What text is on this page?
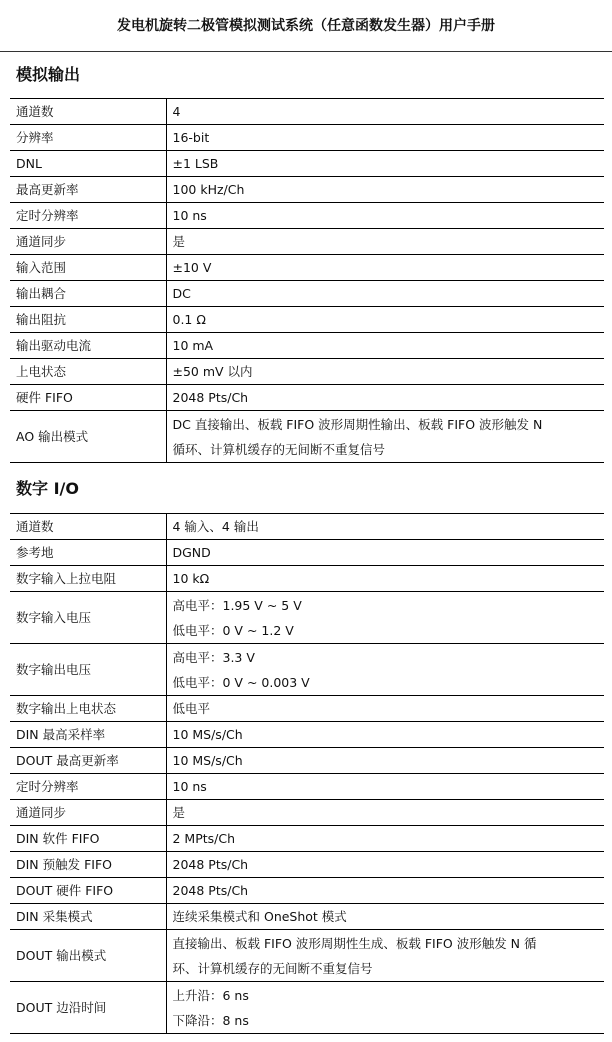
发电机旋转二极管模拟测试系统（任意函数发生器）用户手册
模拟输出
通道数	4

分辨率	16-bit

DNL	±1 LSB

最高更新率	100 kHz/Ch

定时分辨率	10 ns

通道同步	是

输入范围	±10 V

输出耦合	DC

输出阻抗	0.1 Ω

输出驱动电流	10 mA

上电状态	±50 mV 以内

硬件 FIFO	2048 Pts/Ch

AO 输出模式	DC 直接输出、板载 FIFO 波形周期性输出、板载 FIFO 波形触发 N
循环、计算机缓存的无间断不重复信号
数字 I/O
通道数	4 输入、4 输出

参考地	DGND

数字输入上拉电阻	10 kΩ

数字输入电压	高电平：1.95 V ~ 5 V
低电平：0 V ~ 1.2 V

数字输出电压	高电平：3.3 V
低电平：0 V ~ 0.003 V

数字输出上电状态	低电平

DIN 最高采样率	10 MS/s/Ch

DOUT 最高更新率	10 MS/s/Ch

定时分辨率	10 ns

通道同步	是

DIN 软件 FIFO	2 MPts/Ch

DIN 预触发 FIFO	2048 Pts/Ch

DOUT 硬件 FIFO	2048 Pts/Ch

DIN 采集模式	连续采集模式和 OneShot 模式

DOUT 输出模式	直接输出、板载 FIFO 波形周期性生成、板载 FIFO 波形触发 N 循
环、计算机缓存的无间断不重复信号

DOUT 边沿时间	上升沿：6 ns
下降沿：8 ns
